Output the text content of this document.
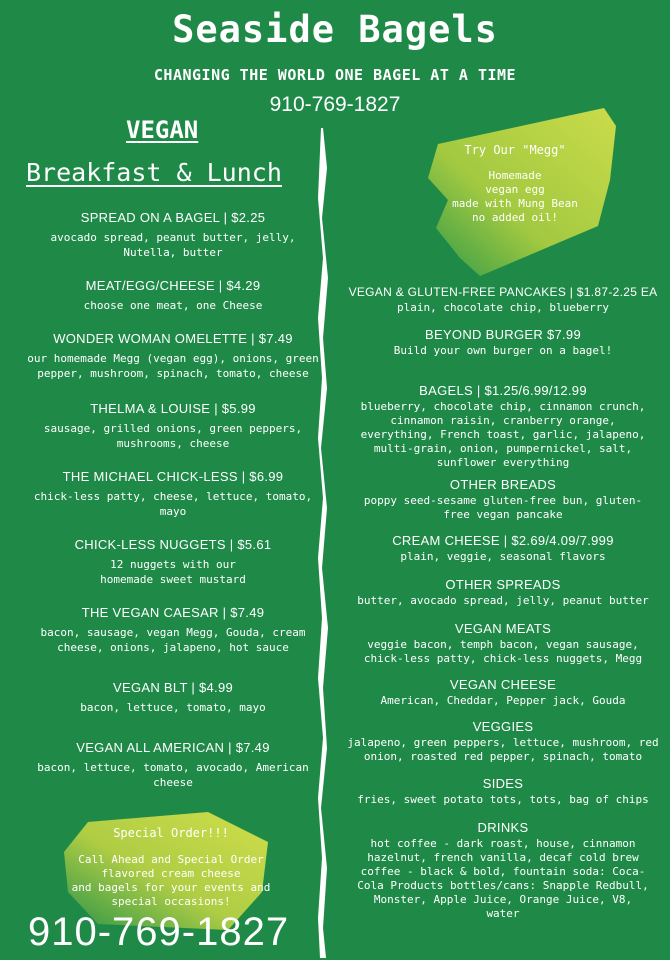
Seaside Bagels
CHANGING THE WORLD ONE BAGEL AT A TIME
910-769-1827
VEGAN
Breakfast & Lunch
Try Our "Megg"
Homemade
vegan egg
made with Mung Bean
no added oil!
SPREAD ON A BAGEL | $2.25
avocado spread, peanut butter, jelly, Nutella, butter
MEAT/EGG/CHEESE | $4.29
choose one meat, one Cheese
WONDER WOMAN OMELETTE | $7.49
our homemade Megg (vegan egg), onions, green pepper, mushroom, spinach, tomato, cheese
THELMA & LOUISE | $5.99
sausage, grilled onions, green peppers, mushrooms, cheese
THE MICHAEL CHICK-LESS | $6.99
chick-less patty, cheese, lettuce, tomato, mayo
CHICK-LESS NUGGETS | $5.61
12 nuggets with our homemade sweet mustard
THE VEGAN CAESAR | $7.49
bacon, sausage, vegan Megg, Gouda, cream cheese, onions, jalapeno, hot sauce
VEGAN BLT | $4.99
bacon, lettuce, tomato, mayo
VEGAN ALL AMERICAN | $7.49
bacon, lettuce, tomato, avocado, American cheese
Special Order!!!
Call Ahead and Special Order
flavored cream cheese
and bagels for your events and
special occasions!
VEGAN & GLUTEN-FREE PANCAKES | $1.87-2.25 EA
plain, chocolate chip, blueberry
BEYOND BURGER $7.99
Build your own burger on a bagel!
BAGELS | $1.25/6.99/12.99
blueberry, chocolate chip, cinnamon crunch, cinnamon raisin, cranberry orange, everything, French toast, garlic, jalapeno, multi-grain, onion, pumpernickel, salt, sunflower everything
OTHER BREADS
poppy seed-sesame gluten-free bun, gluten-free vegan pancake
CREAM CHEESE | $2.69/4.09/7.999
plain, veggie, seasonal flavors
OTHER SPREADS
butter, avocado spread, jelly, peanut butter
VEGAN MEATS
veggie bacon, temph bacon, vegan sausage, chick-less patty, chick-less nuggets, Megg
VEGAN CHEESE
American, Cheddar, Pepper jack, Gouda
VEGGIES
jalapeno, green peppers, lettuce, mushroom, red onion, roasted red pepper, spinach, tomato
SIDES
fries, sweet potato tots, tots, bag of chips
DRINKS
hot coffee - dark roast, house, cinnamon hazelnut, french vanilla, decaf cold brew coffee - black & bold, fountain soda: Coca-Cola Products bottles/cans: Snapple Redbull, Monster, Apple Juice, Orange Juice, V8, water
910-769-1827
